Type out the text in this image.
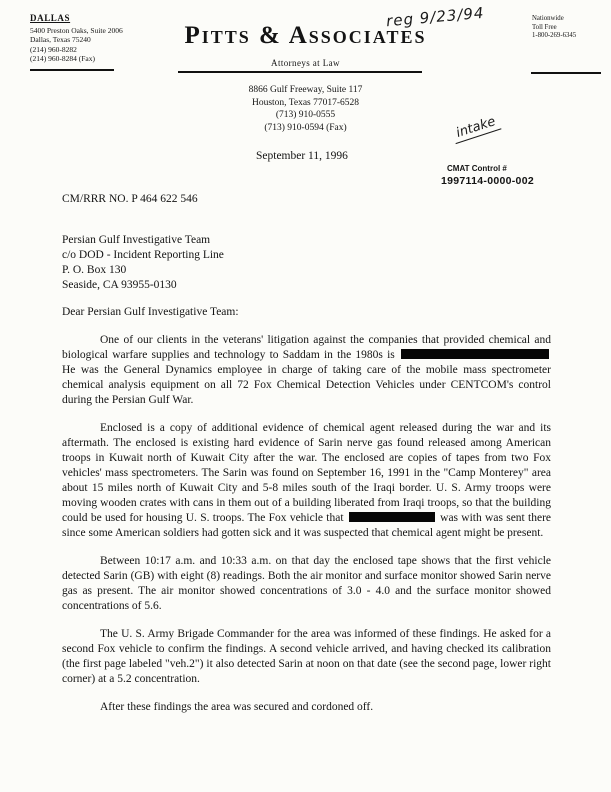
reg 9/23/94
DALLAS
5400 Preston Oaks, Suite 2006
Dallas, Texas 75240
(214) 960-8282
(214) 960-8284 (Fax)
Pitts & Associates
Attorneys at Law
Nationwide
Toll Free
1-800-269-6345
8866 Gulf Freeway, Suite 117
Houston, Texas 77017-6528
(713) 910-0555
(713) 910-0594 (Fax)	intake
September 11, 1996
CMAT Control #
1997114-0000-002
CM/RRR NO. P 464 622 546
Persian Gulf Investigative Team
c/o DOD - Incident Reporting Line
P. O. Box 130
Seaside, CA 93955-0130
Dear Persian Gulf Investigative Team:

One of our clients in the veterans' litigation against the companies that provided chemical and biological warfare supplies and technology to Saddam in the 1980s is  He was the General Dynamics employee in charge of taking care of the mobile mass spectrometer chemical analysis equipment on all 72 Fox Chemical Detection Vehicles under CENTCOM's control during the Persian Gulf War.

Enclosed is a copy of additional evidence of chemical agent released during the war and its aftermath. The enclosed is existing hard evidence of Sarin nerve gas found released among American troops in Kuwait north of Kuwait City after the war. The enclosed are copies of tapes from two Fox vehicles' mass spectrometers. The Sarin was found on September 16, 1991 in the "Camp Monterey" area about 15 miles north of Kuwait City and 5-8 miles south of the Iraqi border. U. S. Army troops were moving wooden crates with cans in them out of a building liberated from Iraqi troops, so that the building could be used for housing U. S. troops. The Fox vehicle that	was with was sent there since some American soldiers had gotten sick and it was suspected that chemical agent might be present.

Between 10:17 a.m. and 10:33 a.m. on that day the enclosed tape shows that the first vehicle detected Sarin (GB) with eight (8) readings. Both the air monitor and surface monitor showed Sarin nerve gas as present. The air monitor showed concentrations of 3.0 - 4.0 and the surface monitor showed concentrations of 5.6.

The U. S. Army Brigade Commander for the area was informed of these findings. He asked for a second Fox vehicle to confirm the findings. A second vehicle arrived, and having checked its calibration (the first page labeled "veh.2") it also detected Sarin at noon on that date (see the second page, lower right corner) at a 5.2 concentration.

After these findings the area was secured and cordoned off.
